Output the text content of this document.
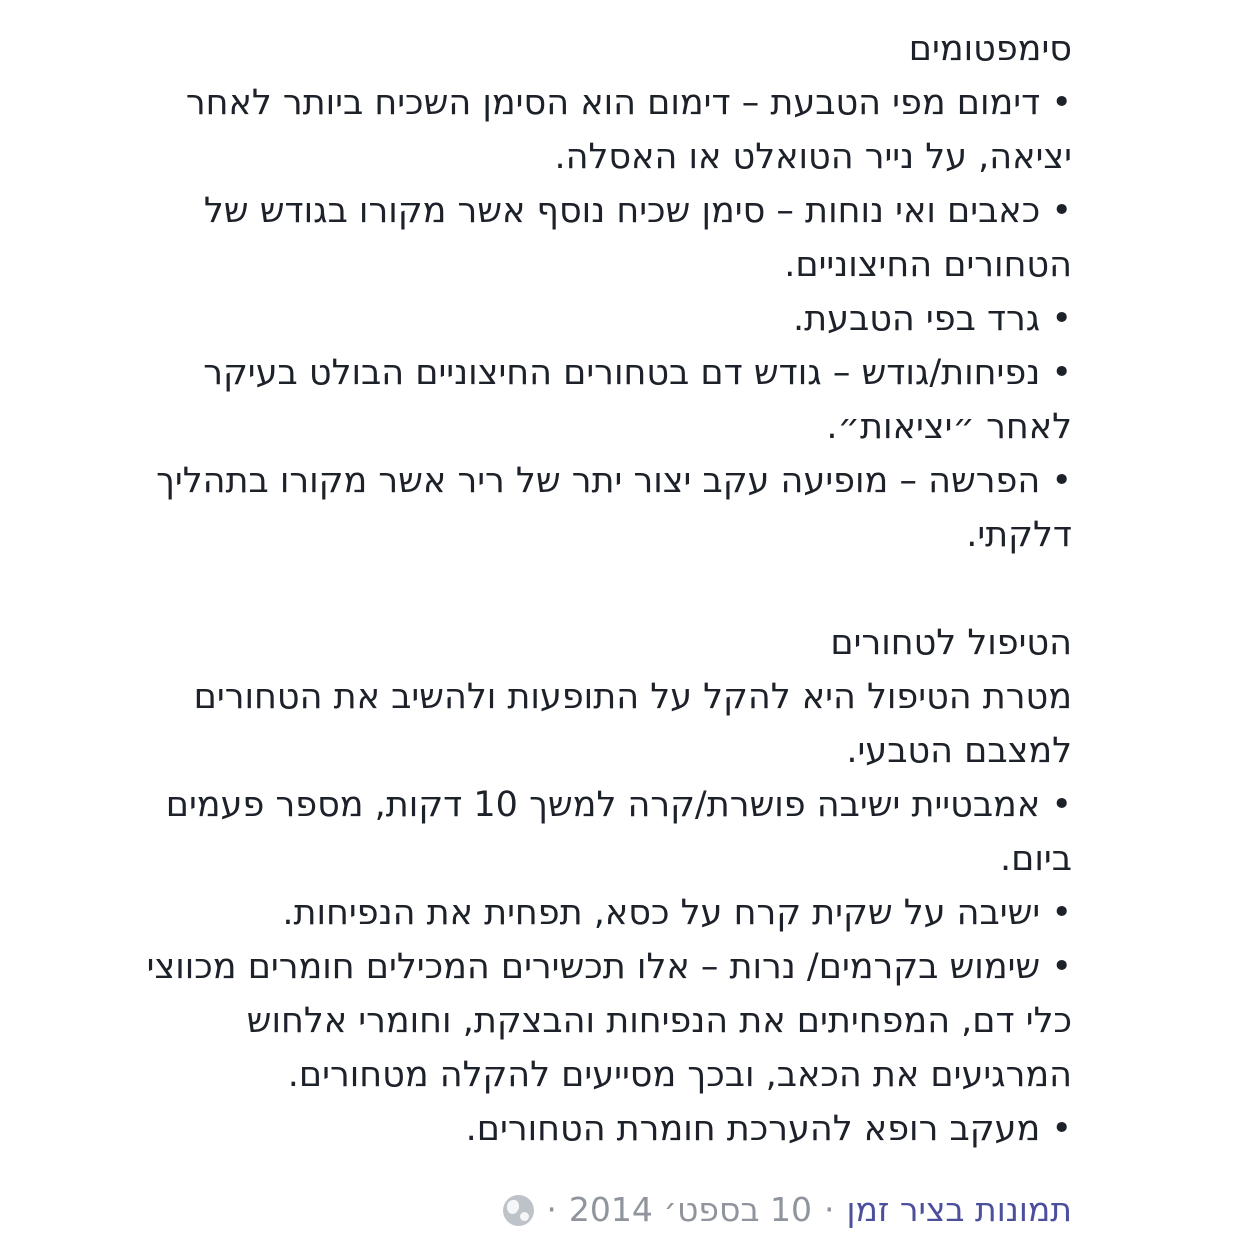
סימפטומים

• דימום מפי הטבעת – דימום הוא הסימן השכיח ביותר לאחר

יציאה, על נייר הטואלט או האסלה.

• כאבים ואי נוחות – סימן שכיח נוסף אשר מקורו בגודש של

הטחורים החיצוניים.

• גרד בפי הטבעת.

• נפיחות/גודש – גודש דם בטחורים החיצוניים הבולט בעיקר

לאחר ״יציאות״.

• הפרשה – מופיעה עקב יצור יתר של ריר אשר מקורו בתהליך

דלקתי.

הטיפול לטחורים

מטרת הטיפול היא להקל על התופעות ולהשיב את הטחורים

למצבם הטבעי.

• אמבטיית ישיבה פושרת/קרה למשך 10 דקות, מספר פעמים

ביום.

• ישיבה על שקית קרח על כסא, תפחית את הנפיחות.

• שימוש בקרמים/ נרות – אלו תכשירים המכילים חומרים מכווצי

כלי דם, המפחיתים את הנפיחות והבצקת, וחומרי אלחוש

המרגיעים את הכאב, ובכך מסייעים להקלה מטחורים.

• מעקב רופא להערכת חומרת הטחורים.

תמונות בציר זמן
·
10 בספט׳ 2014
·
